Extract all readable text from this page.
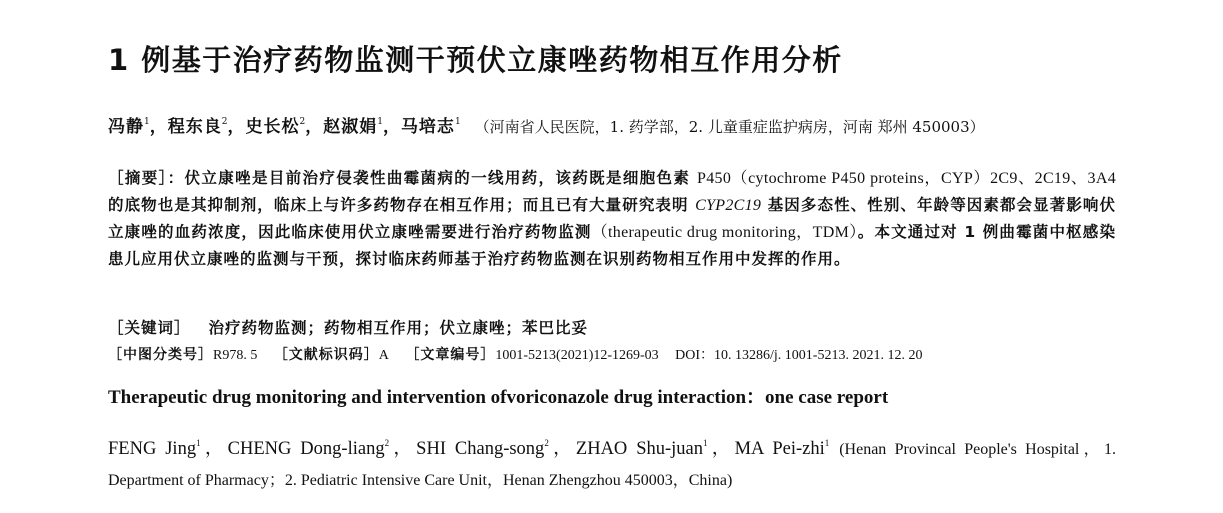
1 例基于治疗药物监测干预伏立康唑药物相互作用分析
冯静$^1$，程东良$^2$，史长松$^2$，赵淑娟$^1$，马培志$^1$ （河南省人民医院，1. 药学部，2. 儿童重症监护病房，河南 郑州 450003）
［摘要］：伏立康唑是目前治疗侵袭性曲霉菌病的一线用药，该药既是细胞色素 P450（cytochrome P450 proteins，CYP）2C9、2C19、3A4 的底物也是其抑制剂，临床上与许多药物存在相互作用；而且已有大量研究表明 CYP2C19 基因多态性、性别、年龄等因素都会显著影响伏立康唑的血药浓度，因此临床使用伏立康唑需要进行治疗药物监测（therapeutic drug monitoring，TDM）。本文通过对 1 例曲霉菌中枢感染患儿应用伏立康唑的监测与干预，探讨临床药师基于治疗药物监测在识别药物相互作用中发挥的作用。
［关键词］ 治疗药物监测；药物相互作用；伏立康唑；苯巴比妥
［中图分类号］R978. 5 ［文献标识码］A ［文章编号］1001-5213(2021)12-1269-03 DOI：10. 13286/j. 1001-5213. 2021. 12. 20
Therapeutic drug monitoring and intervention ofvoriconazole drug interaction：one case report
FENG Jing$^1$，CHENG Dong-liang$^2$，SHI Chang-song$^2$，ZHAO Shu-juan$^1$，MA Pei-zhi$^1$ (Henan Provincal People's Hospital，1. Department of Pharmacy；2. Pediatric Intensive Care Unit，Henan Zhengzhou 450003，China)
